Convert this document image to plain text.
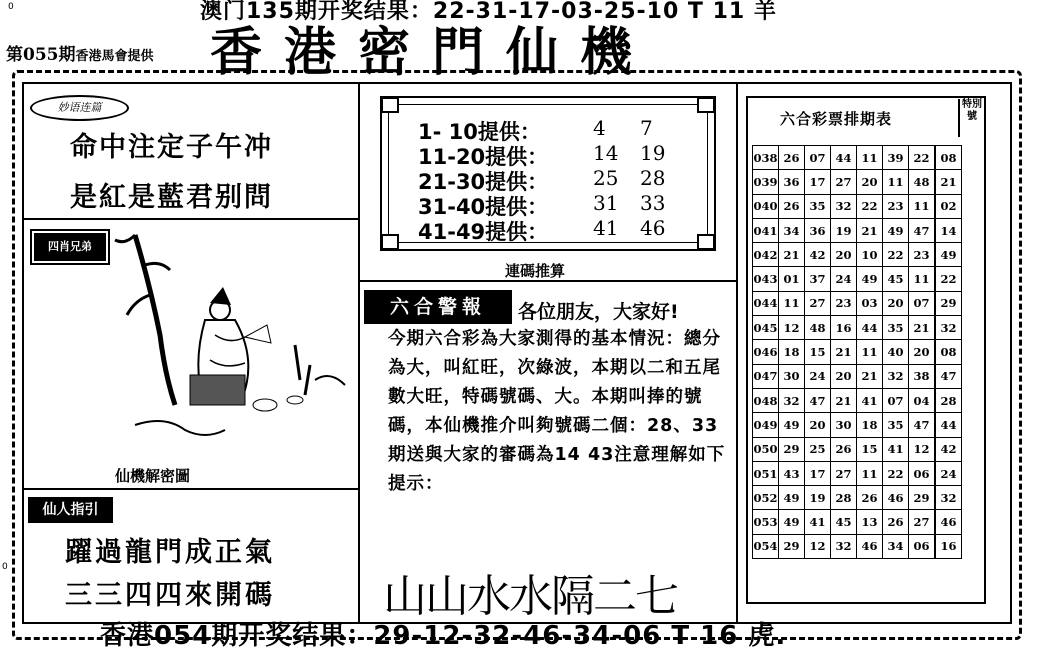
0
0
澳门135期开奖结果：22-31-17-03-25-10 T 11 羊
第055期香港馬會提供 香港密門仙機
妙语连篇
命中注定子午冲
是紅是藍君别問
四肖兄弟
仙機解密圖
仙人指引
躍過龍門成正氣
三三四四來開碼
1- 10提供：	4 7
11-20提供： 14 19
21-30提供： 25 28
31-40提供： 31 33
41-49提供： 41 46
連碼推算
六合警報	各位朋友，大家好!
今期六合彩為大家測得的基本情況：總分為大，叫紅旺，次綠波，本期以二和五尾數大旺，特碼號碼、大。本期叫捧的號碼，本仙機推介叫夠號碼二個：28、33期送與大家的審碼為14 43注意理解如下提示：
山山水水隔二七
六合彩票排期表
特別號
038	26	07	44	11	39	22	08
039	36	17	27	20	11	48	21
040	26	35	32	22	23	11	02
041	34	36	19	21	49	47	14
042	21	42	20	10	22	23	49
043	01	37	24	49	45	11	22
044	11	27	23	03	20	07	29
045	12	48	16	44	35	21	32
046	18	15	21	11	40	20	08
047	30	24	20	21	32	38	47
048	32	47	21	41	07	04	28
049	49	20	30	18	35	47	44
050	29	25	26	15	41	12	42
051	43	17	27	11	22	06	24
052	49	19	28	26	46	29	32
053	49	41	45	13	26	27	46
054	29	12	32	46	34	06	16
香港054期开奖结果：29-12-32-46-34-06 T 16 虎.
